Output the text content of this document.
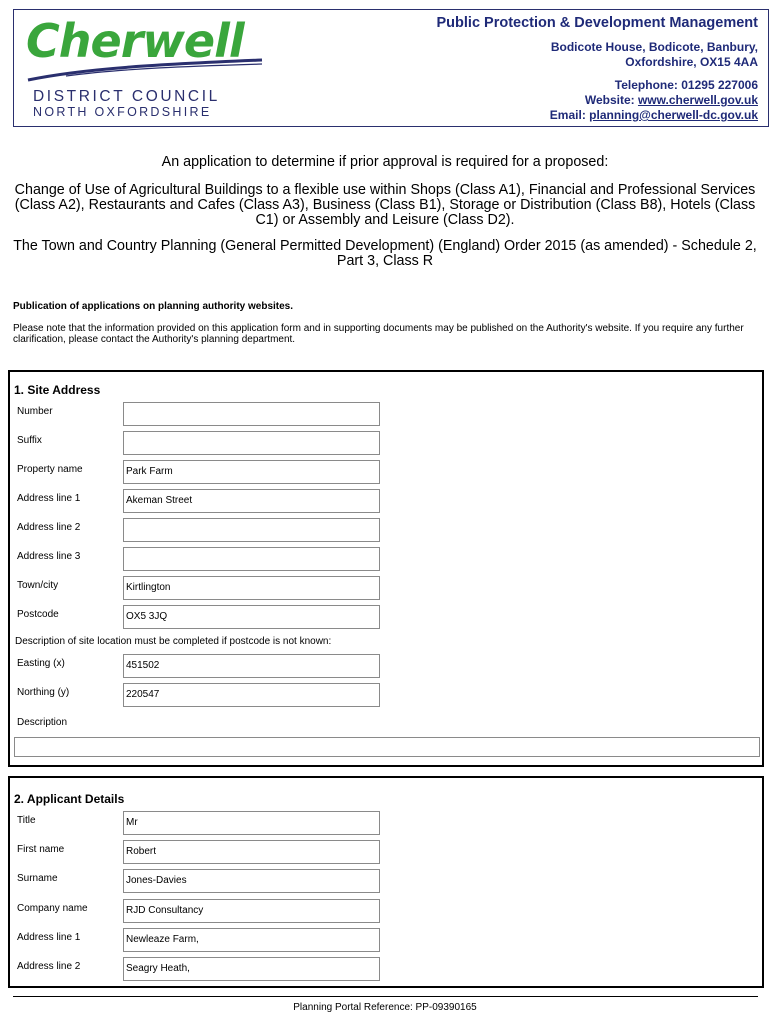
Cherwell
DISTRICT COUNCIL
NORTH OXFORDSHIRE
Public Protection & Development Management
Bodicote House, Bodicote, Banbury,
Oxfordshire, OX15 4AA
Telephone: 01295 227006
Website: www.cherwell.gov.uk
Email: planning@cherwell-dc.gov.uk
An application to determine if prior approval is required for a proposed:
Change of Use of Agricultural Buildings to a flexible use within Shops (Class A1), Financial and Professional Services (Class A2), Restaurants and Cafes (Class A3), Business (Class B1), Storage or Distribution (Class B8), Hotels (Class C1) or Assembly and Leisure (Class D2).
The Town and Country Planning (General Permitted Development) (England) Order 2015 (as amended) - Schedule 2, Part 3, Class R
Publication of applications on planning authority websites.
Please note that the information provided on this application form and in supporting documents may be published on the Authority's website. If you require any further clarification, please contact the Authority's planning department.
1. Site Address
Number
Suffix
Property name	Park Farm
Address line 1	Akeman Street
Address line 2
Address line 3
Town/city	Kirtlington
Postcode	OX5 3JQ
Description of site location must be completed if postcode is not known:
Easting (x)	451502
Northing (y)	220547
Description
2. Applicant Details
Title	Mr
First name	Robert
Surname	Jones-Davies
Company name	RJD Consultancy
Address line 1	Newleaze Farm,
Address line 2	Seagry Heath,
Planning Portal Reference: PP-09390165
